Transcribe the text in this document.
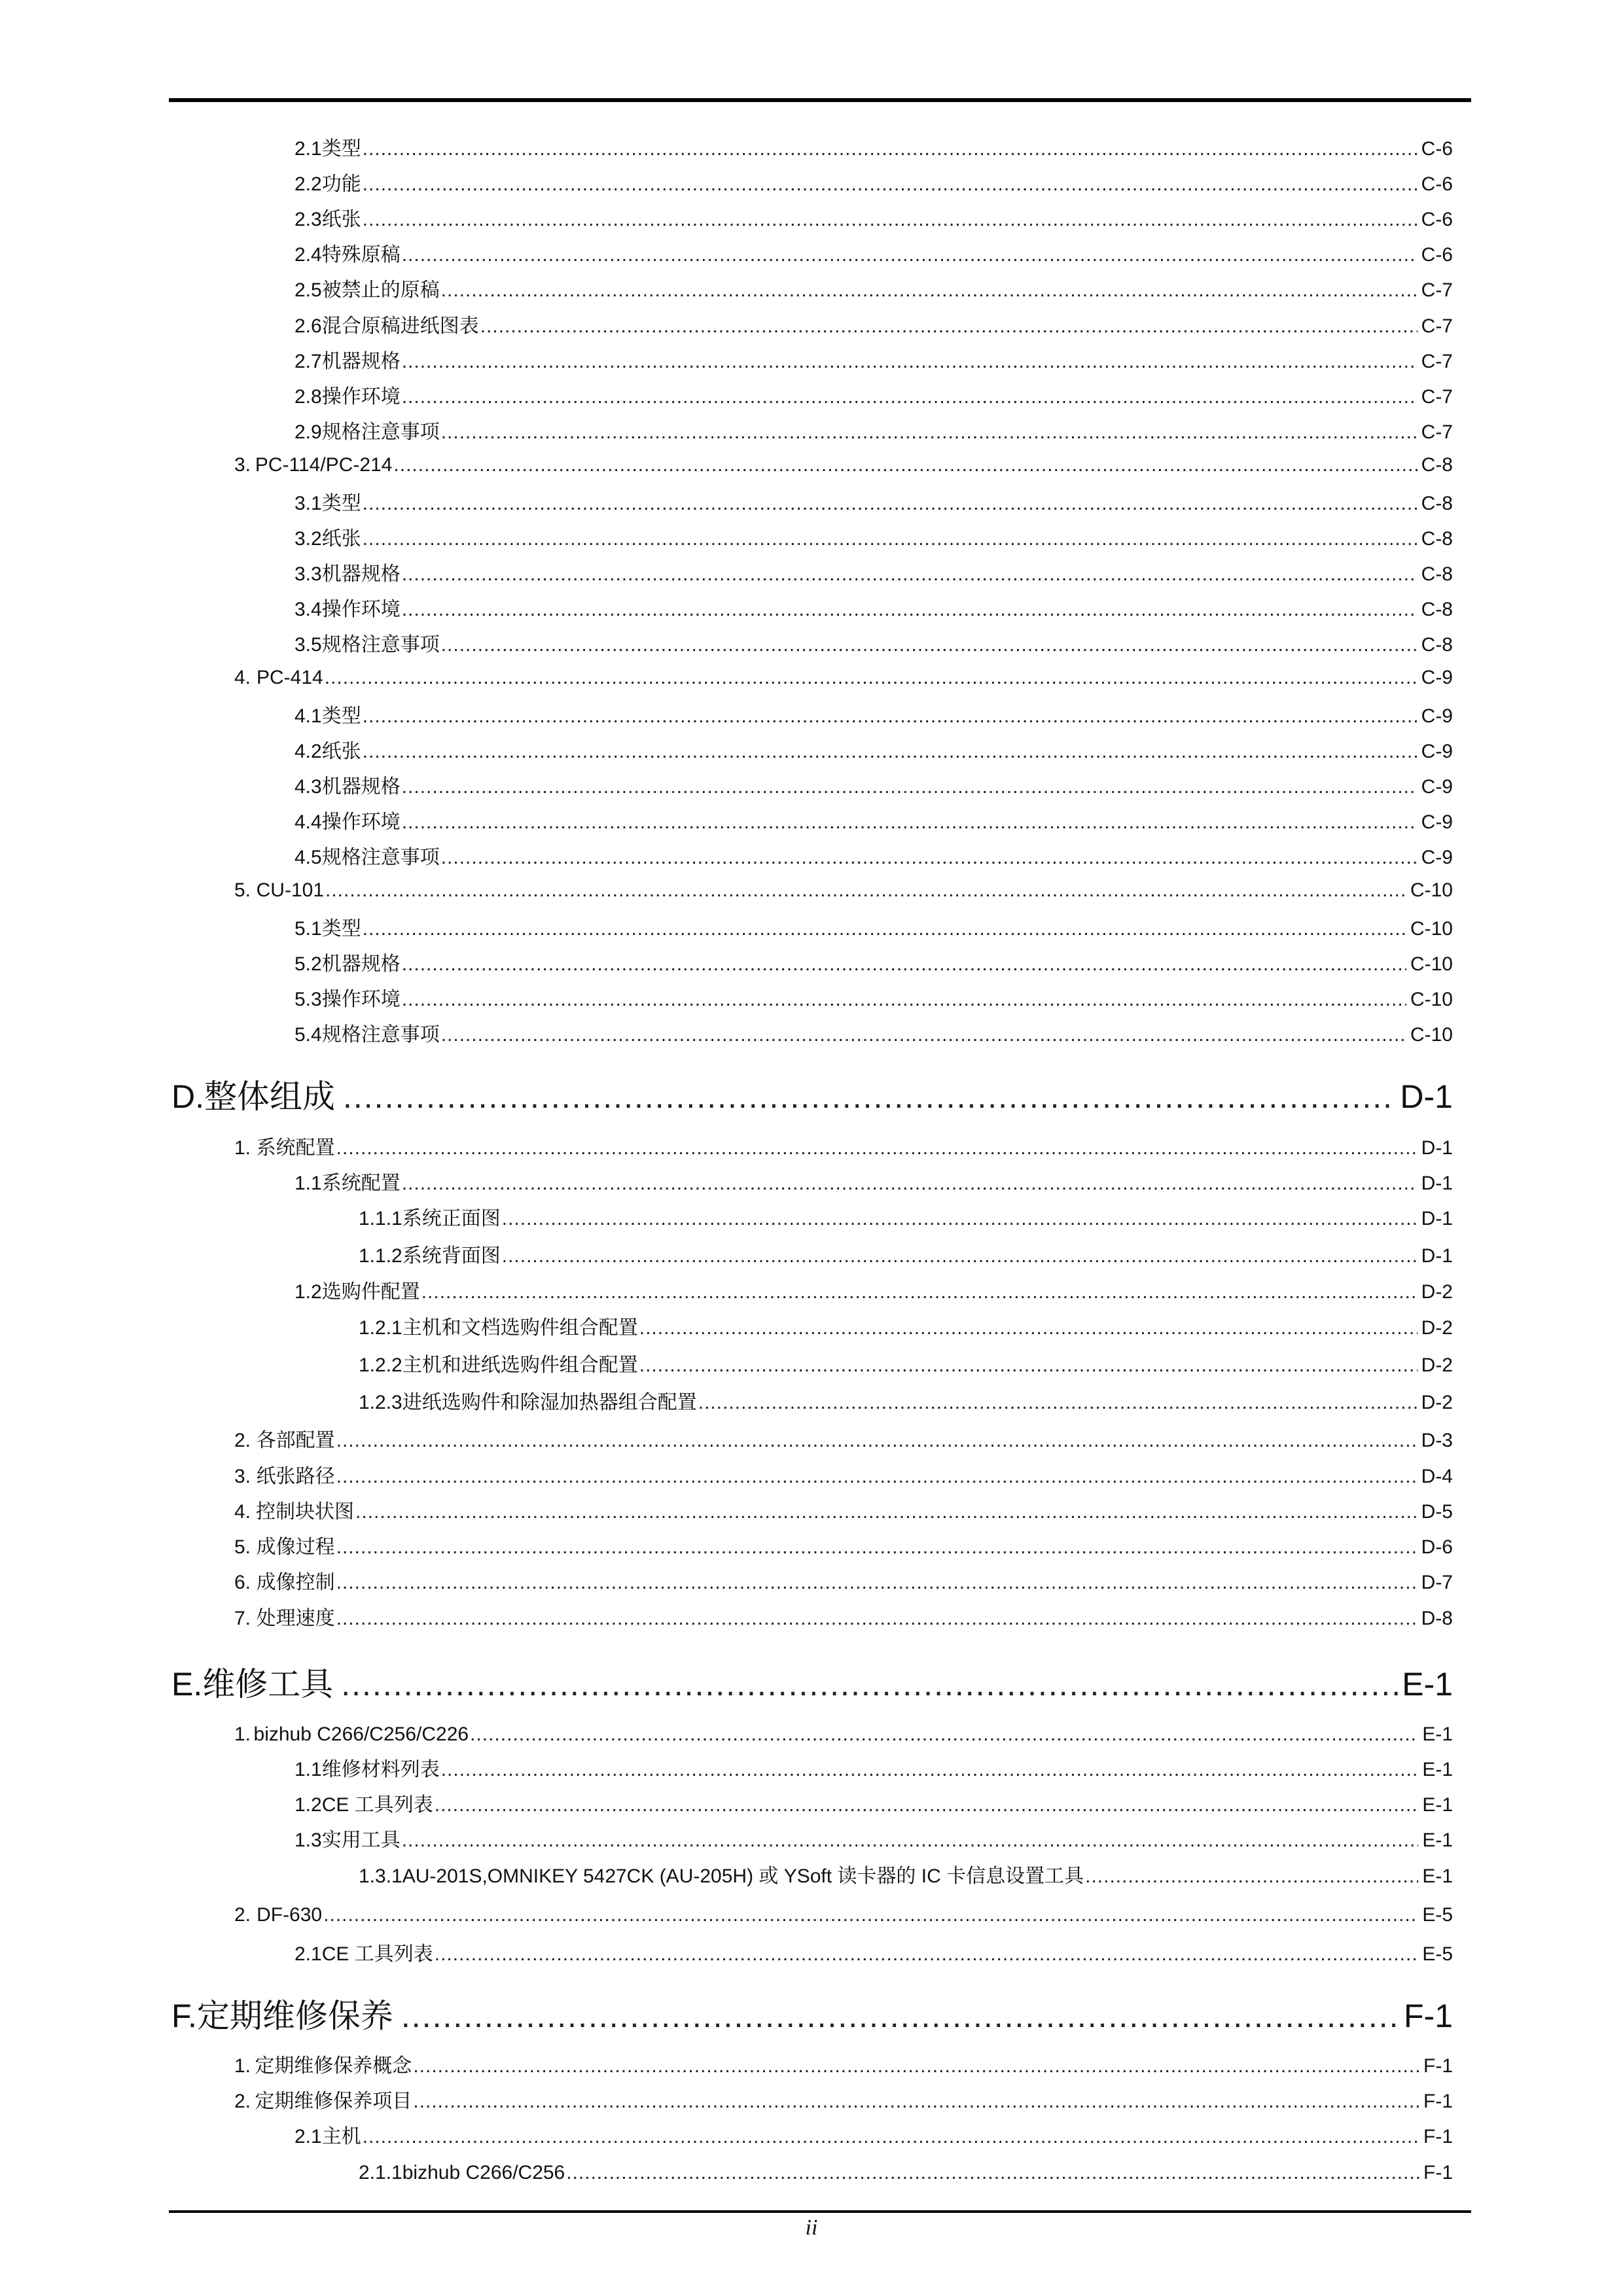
2.1 类型 .....	C-6
2.2 功能 .....	C-6
2.3 纸张 .....	C-6
2.4 特殊原稿 .....	C-6
2.5 被禁止的原稿 .....	C-7
2.6 混合原稿进纸图表 .....	C-7
2.7 机器规格 .....	C-7
2.8 操作环境 .....	C-7
2.9 规格注意事项 .....	C-7
3. PC-114/PC-214 .....	C-8
3.1 类型 .....	C-8
3.2 纸张 .....	C-8
3.3 机器规格 .....	C-8
3.4 操作环境 .....	C-8
3.5 规格注意事项 .....	C-8
4. PC-414 .....	C-9
4.1 类型 .....	C-9
4.2 纸张 .....	C-9
4.3 机器规格 .....	C-9
4.4 操作环境 .....	C-9
4.5 规格注意事项 .....	C-9
5. CU-101 .....	C-10
5.1 类型 .....	C-10
5.2 机器规格 .....	C-10
5.3 操作环境 .....	C-10
5.4 规格注意事项 .....	C-10
D. 整体组成 .....	D-1
1. 系统配置 .....	D-1
1.1 系统配置 .....	D-1
1.1.1 系统正面图 .....	D-1
1.1.2 系统背面图 .....	D-1
1.2 选购件配置 .....	D-2
1.2.1 主机和文档选购件组合配置 .....	D-2
1.2.2 主机和进纸选购件组合配置 .....	D-2
1.2.3 进纸选购件和除湿加热器组合配置 .....	D-2
2. 各部配置 .....	D-3
3. 纸张路径 .....	D-4
4. 控制块状图 .....	D-5
5. 成像过程 .....	D-6
6. 成像控制 .....	D-7
7. 处理速度 .....	D-8
E. 维修工具 .....	E-1
1. bizhub C266/C256/C226 .....	E-1
1.1 维修材料列表 .....	E-1
1.2 CE 工具列表 .....	E-1
1.3 实用工具 .....	E-1
1.3.1 AU-201S,OMNIKEY 5427CK (AU-205H) 或 YSoft 读卡器的 IC 卡信息设置工具 .....	E-1
2. DF-630 .....	E-5
2.1 CE 工具列表 .....	E-5
F. 定期维修保养 .....	F-1
1. 定期维修保养概念 .....	F-1
2. 定期维修保养项目 .....	F-1
2.1 主机 .....	F-1
2.1.1 bizhub C266/C256 .....	F-1
ii
